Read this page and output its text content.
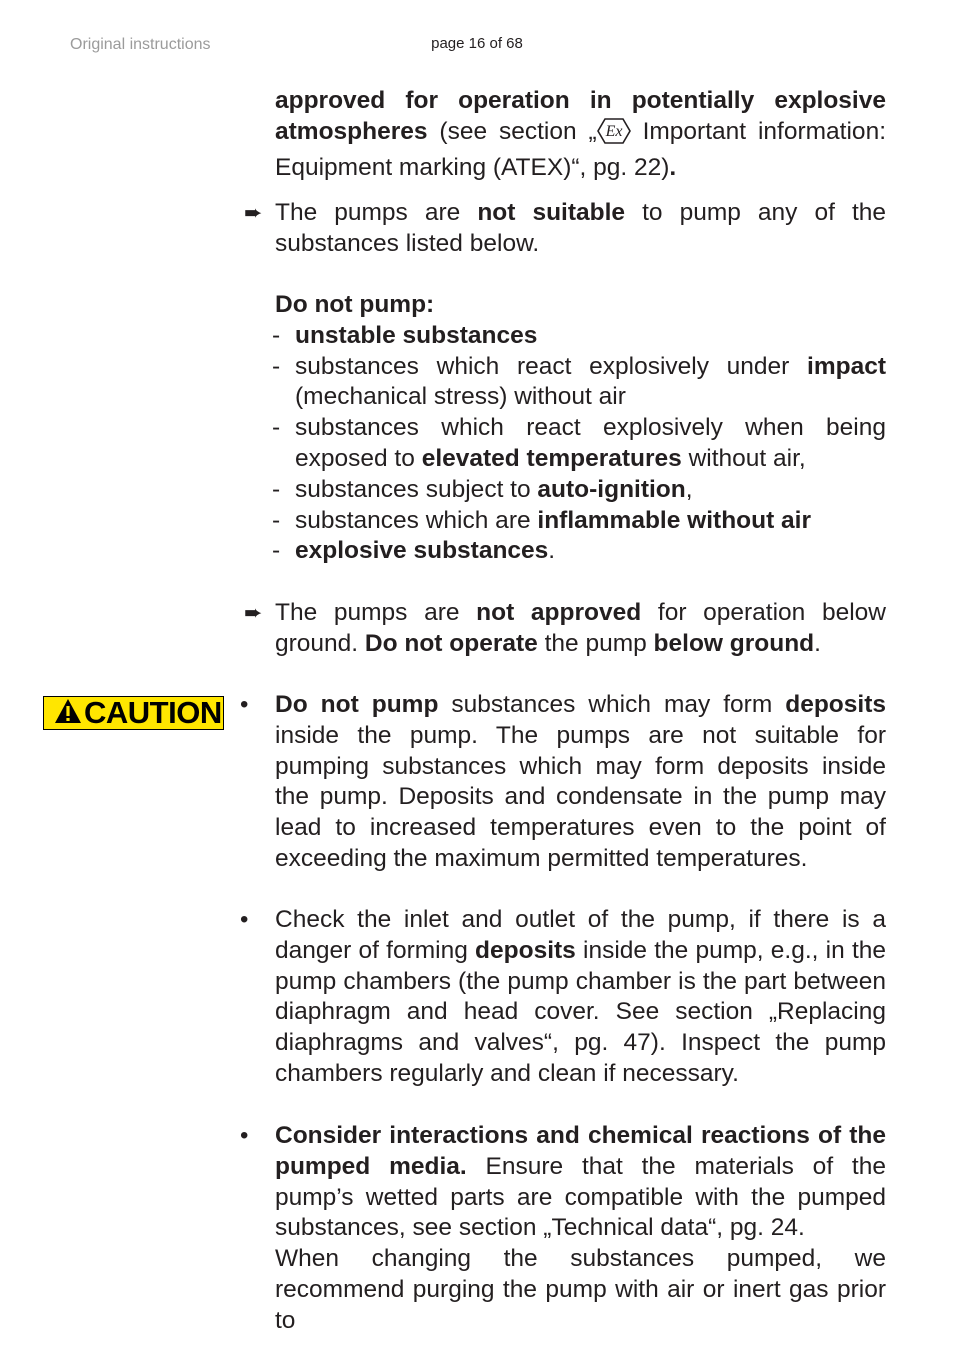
Original instructions	page 16 of 68
approved for operation in potentially explosive atmospheres (see section „ Ex Important information: Equipment marking (ATEX)“, pg. 22).
➨ The pumps are not suitable to pump any of the substances listed below.
Do not pump:
- unstable substances
- substances which react explosively under impact (mechanical stress) without air
- substances which react explosively when being exposed to elevated temperatures without air,
- substances subject to auto-ignition,
- substances which are inflammable without air
- explosive substances.
➨ The pumps are not approved for operation below ground. Do not operate the pump below ground.
CAUTION • Do not pump substances which may form deposits inside the pump. The pumps are not suitable for pumping substances which may form deposits inside the pump. Deposits and condensate in the pump may lead to increased temperatures even to the point of exceeding the maximum permitted temperatures.
• Check the inlet and outlet of the pump, if there is a danger of forming deposits inside the pump, e.g., in the pump chambers (the pump chamber is the part between diaphragm and head cover. See section „Replacing diaphragms and valves“, pg. 47). Inspect the pump chambers regularly and clean if necessary.
• Consider interactions and chemical reactions of the pumped media. Ensure that the materials of the pump’s wetted parts are compatible with the pumped substances, see section „Technical data“, pg. 24.
When changing the substances pumped, we recommend purging the pump with air or inert gas prior to
